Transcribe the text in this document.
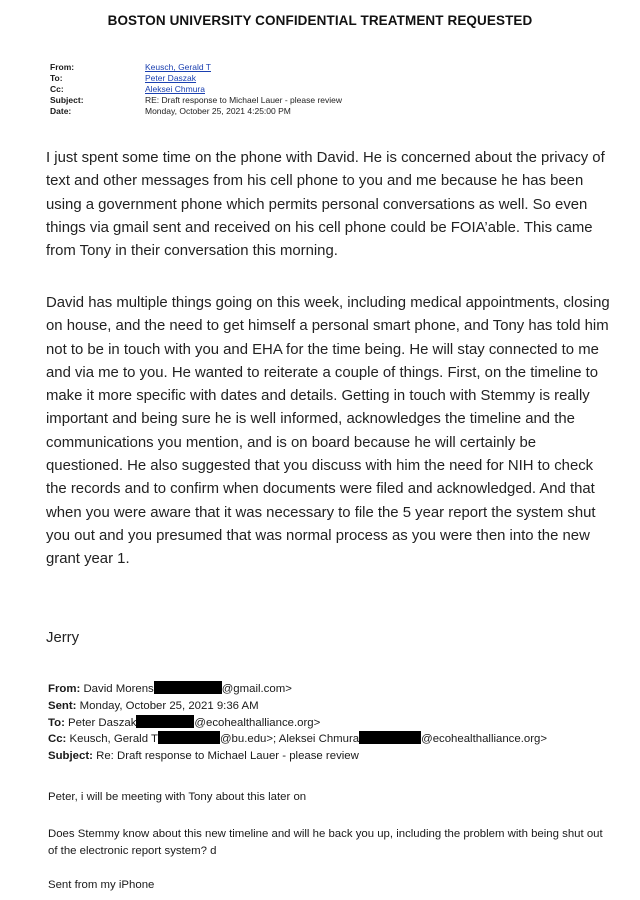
BOSTON UNIVERSITY CONFIDENTIAL TREATMENT REQUESTED
From:	Keusch, Gerald T
To:	Peter Daszak
Cc:	Aleksei Chmura
Subject:	RE: Draft response to Michael Lauer - please review
Date:	Monday, October 25, 2021 4:25:00 PM

I just spent some time on the phone with David. He is concerned about the privacy of text and other messages from his cell phone to you and me because he has been using a government phone which permits personal conversations as well. So even things via gmail sent and received on his cell phone could be FOIA’able. This came from Tony in their conversation this morning.

David has multiple things going on this week, including medical appointments, closing on house, and the need to get himself a personal smart phone, and Tony has told him not to be in touch with you and EHA for the time being. He will stay connected to me and via me to you. He wanted to reiterate a couple of things. First, on the timeline to make it more specific with dates and details. Getting in touch with Stemmy is really important and being sure he is well informed, acknowledges the timeline and the communications you mention, and is on board because he will certainly be questioned. He also suggested that you discuss with him the need for NIH to check the records and to confirm when documents were filed and acknowledged. And that when you were aware that it was necessary to file the 5 year report the system shut you out and you presumed that was normal process as you were then into the new grant year 1.

Jerry

From: David Morens	@gmail.com>
Sent: Monday, October 25, 2021 9:36 AM
To: Peter Daszak	@ecohealthalliance.org>
Cc: Keusch, Gerald T	@bu.edu>; Aleksei Chmura	@ecohealthalliance.org>
Subject: Re: Draft response to Michael Lauer - please review

Peter, i will be meeting with Tony about this later on

Does Stemmy know about this new timeline and will he back you up, including the problem with being shut out of the electronic report system? d

Sent from my iPhone
